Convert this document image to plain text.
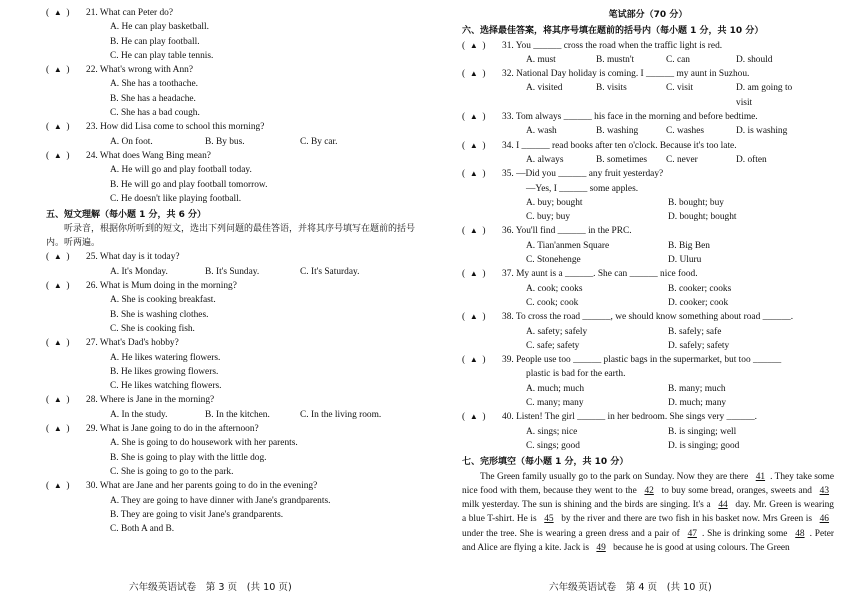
(  ▲  )	21. What can Peter do?
A. He can play basketball.
B. He can play football.
C. He can play table tennis.
(  ▲  )	22. What's wrong with Ann?
A. She has a toothache.
B. She has a headache.
C. She has a bad cough.
(  ▲  )	23. How did Lisa come to school this morning?
A. On foot.	B. By bus.	C. By car.
(  ▲  )	24. What does Wang Bing mean?
A. He will go and play football today.
B. He will go and play football tomorrow.
C. He doesn't like playing football.
五、短文理解（每小题 1 分，共 6 分）
听录音，根据你所听到的短文，选出下列问题的最佳答语，并将其序号填写在题前的括号内。听两遍。
(  ▲  )	25. What day is it today?
A. It's Monday.	B. It's Sunday.	C. It's Saturday.
(  ▲  )	26. What is Mum doing in the morning?
A. She is cooking breakfast.
B. She is washing clothes.
C. She is cooking fish.
(  ▲  )	27. What's Dad's hobby?
A. He likes watering flowers.
B. He likes growing flowers.
C. He likes watching flowers.
(  ▲  )	28. Where is Jane in the morning?
A. In the study.	B. In the kitchen.	C. In the living room.
(  ▲  )	29. What is Jane going to do in the afternoon?
A. She is going to do housework with her parents.
B. She is going to play with the little dog.
C. She is going to go to the park.
(  ▲  )	30. What are Jane and her parents going to do in the evening?
A. They are going to have dinner with Jane's grandparents.
B. They are going to visit Jane's grandparents.
C. Both A and B.
笔试部分（70 分）
六、选择最佳答案，将其序号填在题前的括号内（每小题 1 分，共 10 分）
(  ▲  )	31. You ______ cross the road when the traffic light is red.
A. must	B. mustn't	C. can	D. should
(  ▲  )	32. National Day holiday is coming. I ______ my aunt in Suzhou.
A. visited	B. visits	C. visit	D. am going to visit
(  ▲  )	33. Tom always ______ his face in the morning and before bedtime.
A. wash	B. washing	C. washes	D. is washing
(  ▲  )	34. I ______ read books after ten o'clock. Because it's too late.
A. always	B. sometimes	C. never	D. often
(  ▲  )	35. —Did you ______ any fruit yesterday?
—Yes, I ______ some apples.
A. buy; bought	B. bought; buy
C. buy; buy	D. bought; bought
(  ▲  )	36. You'll find ______ in the PRC.
A. Tian'anmen Square	B. Big Ben
C. Stonehenge	D. Uluru
(  ▲  )	37. My aunt is a ______. She can ______ nice food.
A. cook; cooks	B. cooker; cooks
C. cook; cook	D. cooker; cook
(  ▲  )	38. To cross the road ______, we should know something about road ______.
A. safety; safely	B. safely; safe
C. safe; safety	D. safely; safety
(  ▲  )	39. People use too ______ plastic bags in the supermarket, but too ______
plastic is bad for the earth.
A. much; much	B. many; much
C. many; many	D. much; many
(  ▲  )	40. Listen! The girl ______ in her bedroom. She sings very ______.
A. sings; nice	B. is singing; well
C. sings; good	D. is singing; good
七、完形填空（每小题 1 分，共 10 分）
The Green family usually go to the park on Sunday. Now they are there 41 . They take some nice food with them, because they went to the 42 to buy some bread, oranges, sweets and 43 milk yesterday. The sun is shining and the birds are singing. It's a 44 day. Mr. Green is wearing a blue T-shirt. He is 45 by the river and there are two fish in his basket now. Mrs Green is 46 under the tree. She is wearing a green dress and a pair of 47 . She is drinking some 48 . Peter and Alice are flying a kite. Jack is 49 because he is good at using colours. The Green
六年级英语试卷　第 3 页　(共 10 页)	六年级英语试卷　第 4 页　(共 10 页)
